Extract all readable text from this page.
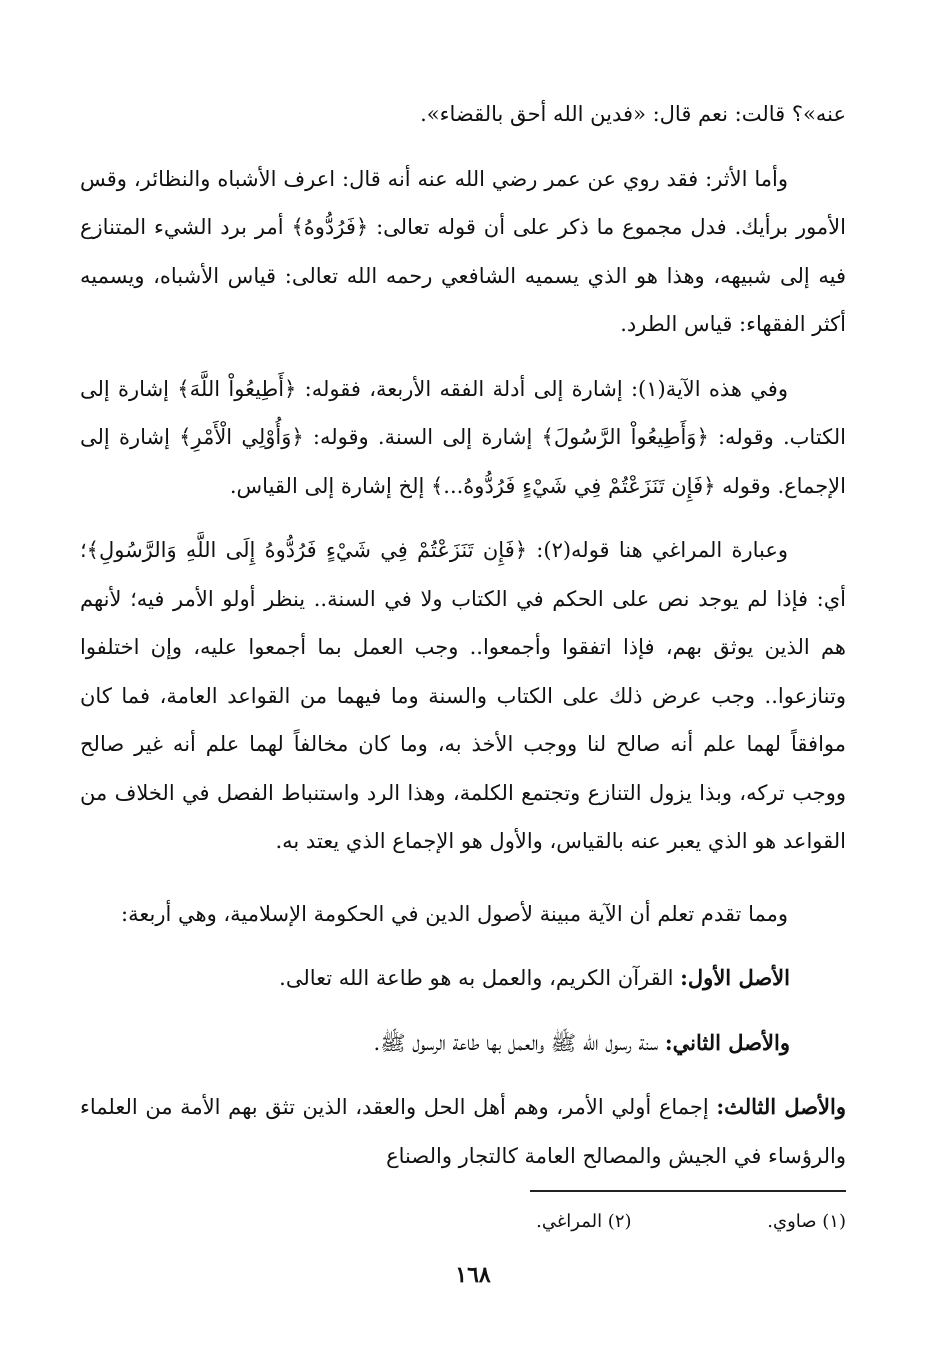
عنه»؟ قالت: نعم قال: «فدين الله أحق بالقضاء».

وأما الأثر: فقد روي عن عمر رضي الله عنه أنه قال: اعرف الأشباه والنظائر، وقس الأمور برأيك. فدل مجموع ما ذكر على أن قوله تعالى: ﴿فَرُدُّوهُ﴾ أمر برد الشيء المتنازع فيه إلى شبيهه، وهذا هو الذي يسميه الشافعي رحمه الله تعالى: قياس الأشباه، ويسميه أكثر الفقهاء: قياس الطرد.

وفي هذه الآية(١): إشارة إلى أدلة الفقه الأربعة، فقوله: ﴿أَطِيعُواْ اللَّهَ﴾ إشارة إلى الكتاب. وقوله: ﴿وَأَطِيعُواْ الرَّسُولَ﴾ إشارة إلى السنة. وقوله: ﴿وَأُوْلِي الْأَمْرِ﴾ إشارة إلى الإجماع. وقوله ﴿فَإِن تَنَزَعْتُمْ فِي شَيْءٍ فَرُدُّوهُ...﴾ إلخ إشارة إلى القياس.

وعبارة المراغي هنا قوله(٢): ﴿فَإِن تَنَزَعْتُمْ فِي شَيْءٍ فَرُدُّوهُ إِلَى اللَّهِ وَالرَّسُولِ﴾؛ أي: فإذا لم يوجد نص على الحكم في الكتاب ولا في السنة.. ينظر أولو الأمر فيه؛ لأنهم هم الذين يوثق بهم، فإذا اتفقوا وأجمعوا.. وجب العمل بما أجمعوا عليه، وإن اختلفوا وتنازعوا.. وجب عرض ذلك على الكتاب والسنة وما فيهما من القواعد العامة، فما كان موافقاً لهما علم أنه صالح لنا ووجب الأخذ به، وما كان مخالفاً لهما علم أنه غير صالح ووجب تركه، وبذا يزول التنازع وتجتمع الكلمة، وهذا الرد واستنباط الفصل في الخلاف من القواعد هو الذي يعبر عنه بالقياس، والأول هو الإجماع الذي يعتد به.

ومما تقدم تعلم أن الآية مبينة لأصول الدين في الحكومة الإسلامية، وهي أربعة:

الأصل الأول: القرآن الكريم، والعمل به هو طاعة الله تعالى.

والأصل الثاني: سنة رسول الله ﷺ والعمل بها طاعة الرسول ﷺ.

والأصل الثالث: إجماع أولي الأمر، وهم أهل الحل والعقد، الذين تثق بهم الأمة من العلماء والرؤساء في الجيش والمصالح العامة كالتجار والصناع

(١) صاوي. (٢) المراغي.
١٦٨
